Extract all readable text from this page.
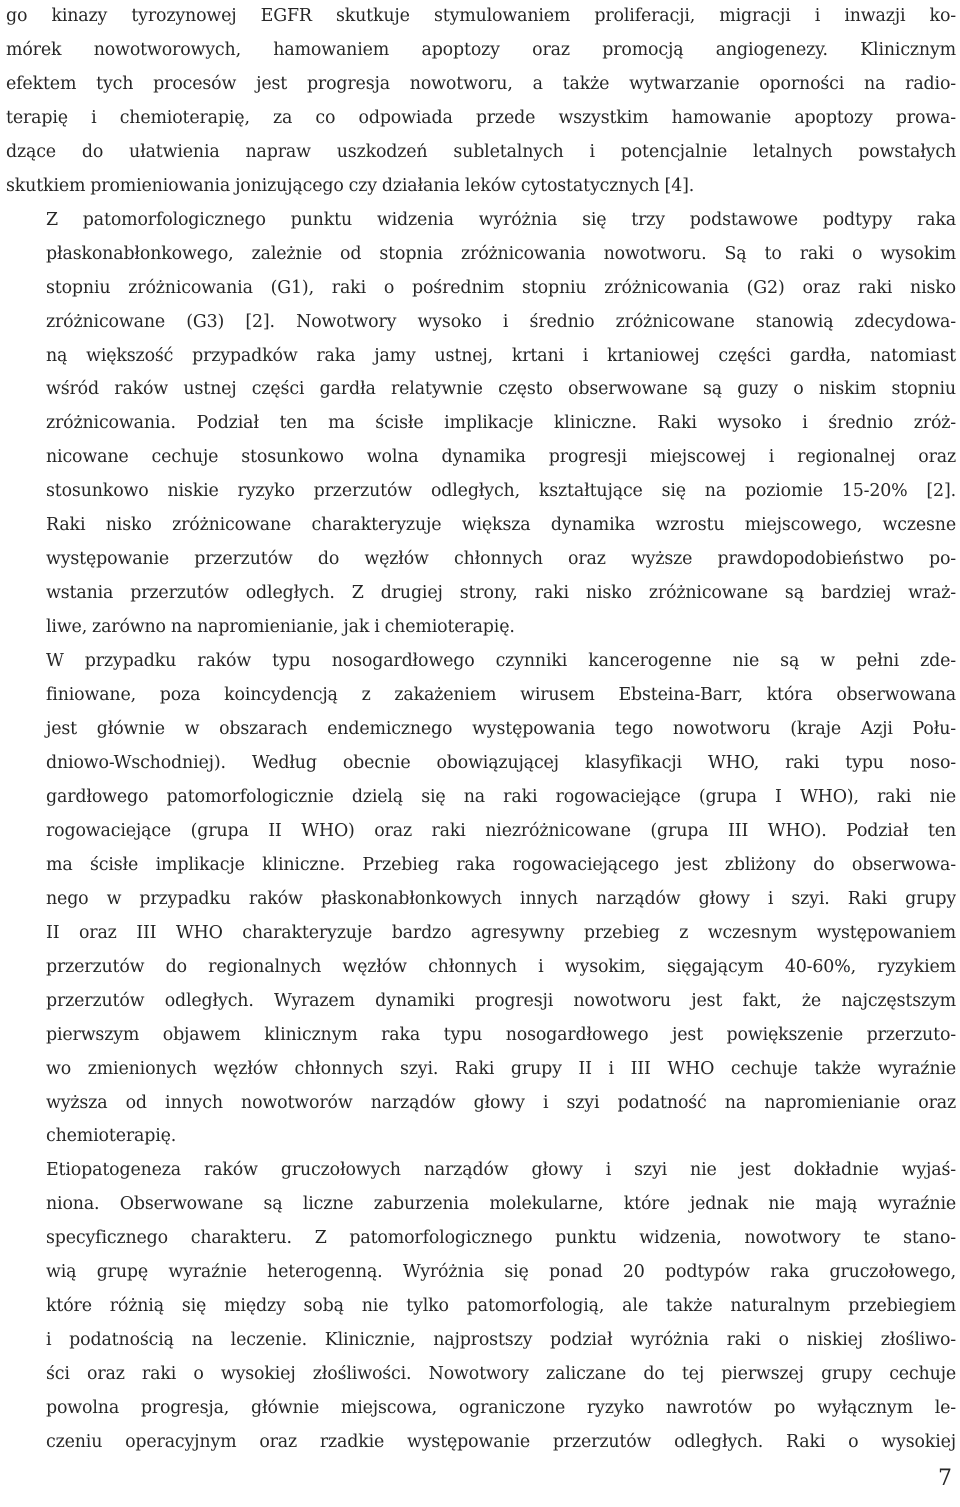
go kinazy tyrozynowej EGFR skutkuje stymulowaniem proliferacji, migracji i inwazji ko-
mórek nowotworowych, hamowaniem apoptozy oraz promocją angiogenezy. Klinicznym
efektem tych procesów jest progresja nowotworu, a także wytwarzanie oporności na radio-
terapię i chemioterapię, za co odpowiada przede wszystkim hamowanie apoptozy prowa-
dzące do ułatwienia napraw uszkodzeń subletalnych i potencjalnie letalnych powstałych
skutkiem promieniowania jonizującego czy działania leków cytostatycznych [4].
Z patomorfologicznego punktu widzenia wyróżnia się trzy podstawowe podtypy raka
płaskonabłonkowego, zależnie od stopnia zróżnicowania nowotworu. Są to raki o wysokim
stopniu zróżnicowania (G1), raki o pośrednim stopniu zróżnicowania (G2) oraz raki nisko
zróżnicowane (G3) [2]. Nowotwory wysoko i średnio zróżnicowane stanowią zdecydowa-
ną większość przypadków raka jamy ustnej, krtani i krtaniowej części gardła, natomiast
wśród raków ustnej części gardła relatywnie często obserwowane są guzy o niskim stopniu
zróżnicowania. Podział ten ma ścisłe implikacje kliniczne. Raki wysoko i średnio zróż-
nicowane cechuje stosunkowo wolna dynamika progresji miejscowej i regionalnej oraz
stosunkowo niskie ryzyko przerzutów odległych, kształtujące się na poziomie 15-20% [2].
Raki nisko zróżnicowane charakteryzuje większa dynamika wzrostu miejscowego, wczesne
występowanie przerzutów do węzłów chłonnych oraz wyższe prawdopodobieństwo po-
wstania przerzutów odległych. Z drugiej strony, raki nisko zróżnicowane są bardziej wraż-
liwe, zarówno na napromienianie, jak i chemioterapię.
W przypadku raków typu nosogardłowego czynniki kancerogenne nie są w pełni zde-
finiowane, poza koincydencją z zakażeniem wirusem Ebsteina-Barr, która obserwowana
jest głównie w obszarach endemicznego występowania tego nowotworu (kraje Azji Połu-
dniowo-Wschodniej). Według obecnie obowiązującej klasyfikacji WHO, raki typu noso-
gardłowego patomorfologicznie dzielą się na raki rogowaciejące (grupa I WHO), raki nie
rogowaciejące (grupa II WHO) oraz raki niezróżnicowane (grupa III WHO). Podział ten
ma ścisłe implikacje kliniczne. Przebieg raka rogowaciejącego jest zbliżony do obserwowa-
nego w przypadku raków płaskonabłonkowych innych narządów głowy i szyi. Raki grupy
II oraz III WHO charakteryzuje bardzo agresywny przebieg z wczesnym występowaniem
przerzutów do regionalnych węzłów chłonnych i wysokim, sięgającym 40-60%, ryzykiem
przerzutów odległych. Wyrazem dynamiki progresji nowotworu jest fakt, że najczęstszym
pierwszym objawem klinicznym raka typu nosogardłowego jest powiększenie przerzuto-
wo zmienionych węzłów chłonnych szyi. Raki grupy II i III WHO cechuje także wyraźnie
wyższa od innych nowotworów narządów głowy i szyi podatność na napromienianie oraz
chemioterapię.
Etiopatogeneza raków gruczołowych narządów głowy i szyi nie jest dokładnie wyjaś-
niona. Obserwowane są liczne zaburzenia molekularne, które jednak nie mają wyraźnie
specyficznego charakteru. Z patomorfologicznego punktu widzenia, nowotwory te stano-
wią grupę wyraźnie heterogenną. Wyróżnia się ponad 20 podtypów raka gruczołowego,
które różnią się między sobą nie tylko patomorfologią, ale także naturalnym przebiegiem
i podatnością na leczenie. Klinicznie, najprostszy podział wyróżnia raki o niskiej złośliwo-
ści oraz raki o wysokiej złośliwości. Nowotwory zaliczane do tej pierwszej grupy cechuje
powolna progresja, głównie miejscowa, ograniczone ryzyko nawrotów po wyłącznym le-
czeniu operacyjnym oraz rzadkie występowanie przerzutów odległych. Raki o wysokiej
7
